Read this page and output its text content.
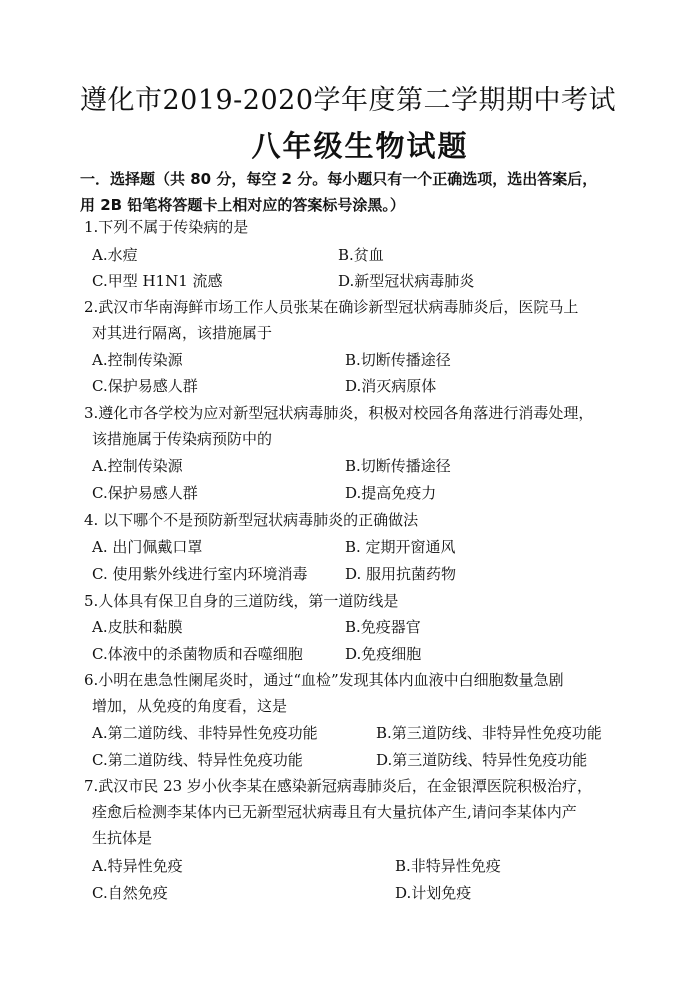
遵化市2019-2020学年度第二学期期中考试
八年级生物试题
一．选择题（共 80 分，每空 2 分。每小题只有一个正确选项，选出答案后，
用 2B 铅笔将答题卡上相对应的答案标号涂黑。）
1.下列不属于传染病的是
A.水痘	B.贫血
C.甲型 H1N1 流感	D.新型冠状病毒肺炎
2.武汉市华南海鲜市场工作人员张某在确诊新型冠状病毒肺炎后，医院马上
对其进行隔离，该措施属于
A.控制传染源	B.切断传播途径
C.保护易感人群	D.消灭病原体
3.遵化市各学校为应对新型冠状病毒肺炎，积极对校园各角落进行消毒处理，
该措施属于传染病预防中的
A.控制传染源	B.切断传播途径
C.保护易感人群	D.提高免疫力
4. 以下哪个不是预防新型冠状病毒肺炎的正确做法
A. 出门佩戴口罩	B. 定期开窗通风
C. 使用紫外线进行室内环境消毒	D. 服用抗菌药物
5.人体具有保卫自身的三道防线，第一道防线是
A.皮肤和黏膜	B.免疫器官
C.体液中的杀菌物质和吞噬细胞	D.免疫细胞
6.小明在患急性阑尾炎时，通过“血检”发现其体内血液中白细胞数量急剧
增加，从免疫的角度看，这是
A.第二道防线、非特异性免疫功能	B.第三道防线、非特异性免疫功能
C.第二道防线、特异性免疫功能	D.第三道防线、特异性免疫功能
7.武汉市民 23 岁小伙李某在感染新冠病毒肺炎后，在金银潭医院积极治疗，
痊愈后检测李某体内已无新型冠状病毒且有大量抗体产生,请问李某体内产
生抗体是
A.特异性免疫	B.非特异性免疫
C.自然免疫	D.计划免疫
